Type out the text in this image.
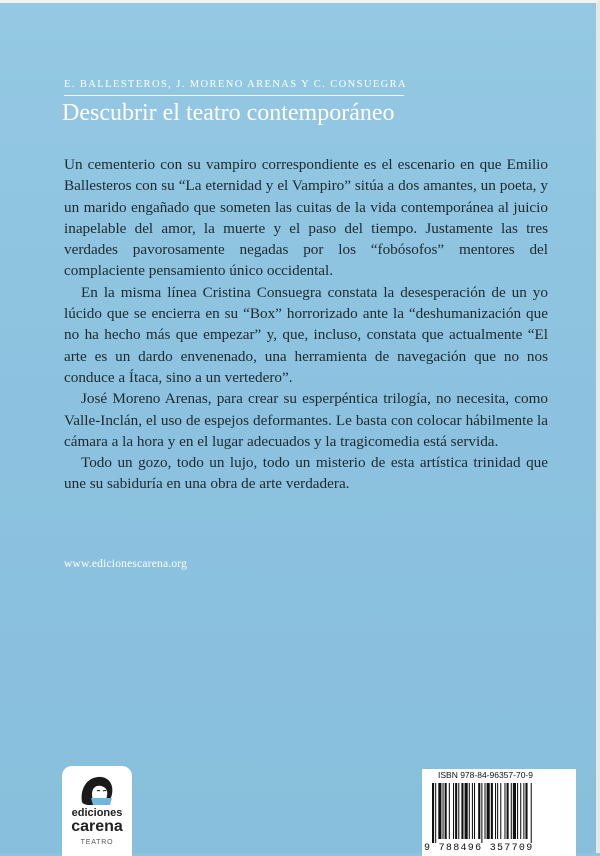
E. BALLESTEROS, J. MORENO ARENAS Y C. CONSUEGRA
Descubrir el teatro contemporáneo

Un cementerio con su vampiro correspondiente es el escenario en que Emilio Ballesteros con su “La eternidad y el Vampiro” sitúa a dos amantes, un poeta, y un marido engañado que someten las cuitas de la vida contemporánea al juicio inapelable del amor, la muerte y el paso del tiempo. Justamente las tres verdades pavorosamente negadas por los “fobósofos” mentores del complaciente pensamiento único occidental.

En la misma línea Cristina Consuegra constata la desesperación de un yo lúcido que se encierra en su “Box” horrorizado ante la “deshumanización que no ha hecho más que empezar” y, que, incluso, constata que actualmente “El arte es un dardo envenenado, una herramienta de navegación que no nos conduce a Ítaca, sino a un vertedero”.

José Moreno Arenas, para crear su esperpéntica trilogía, no necesita, como Valle-Inclán, el uso de espejos deformantes. Le basta con colocar hábilmente la cámara a la hora y en el lugar adecuados y la tragicomedia está servida.

Todo un gozo, todo un lujo, todo un misterio de esta artística trinidad que une su sabiduría en una obra de arte verdadera.

www.edicionescarena.org
ediciones
carena
TEATRO
ISBN 978-84-96357-70-9
9 788496 357709
